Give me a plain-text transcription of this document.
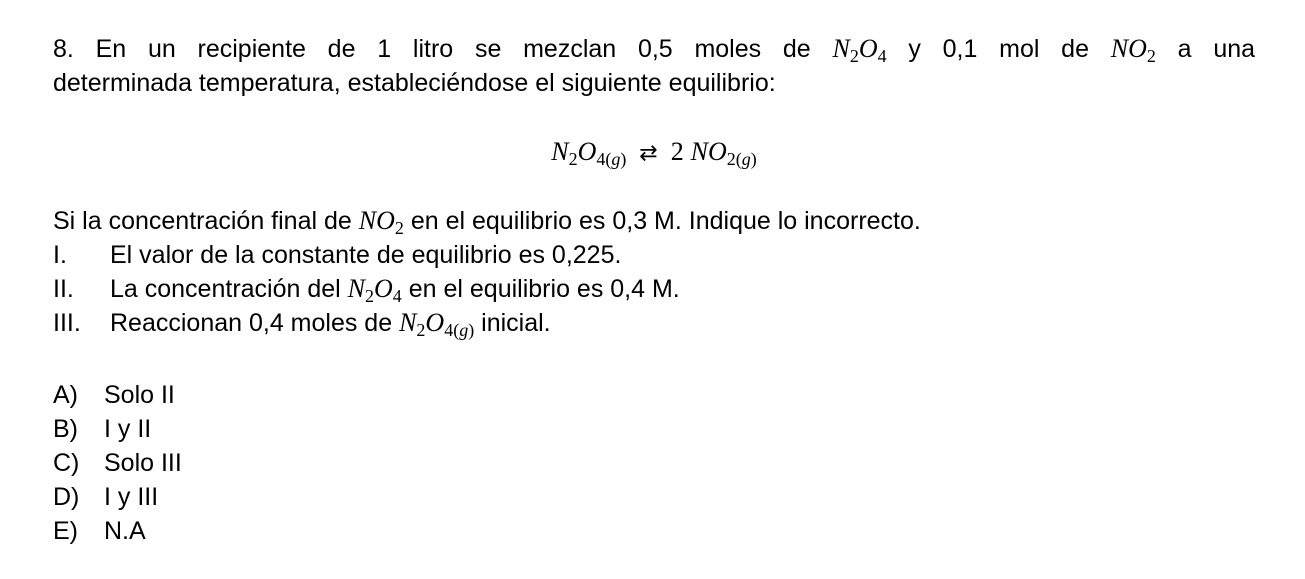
8. En un recipiente de 1 litro se mezclan 0,5 moles de $N_2O_4$ y 0,1 mol de $NO_2$ a una
determinada temperatura, estableciéndose el siguiente equilibrio:
$N_2O_{4(g)}$ ⇄ 2 $NO_{2(g)}$
Si la concentración final de $NO_2$ en el equilibrio es 0,3 M. Indique lo incorrecto.
I. El valor de la constante de equilibrio es 0,225.
II. La concentración del $N_2O_4$ en el equilibrio es 0,4 M.
III. Reaccionan 0,4 moles de $N_2O_{4(g)}$ inicial.
A) Solo II
B) I y II
C) Solo III
D) I y III
E) N.A
